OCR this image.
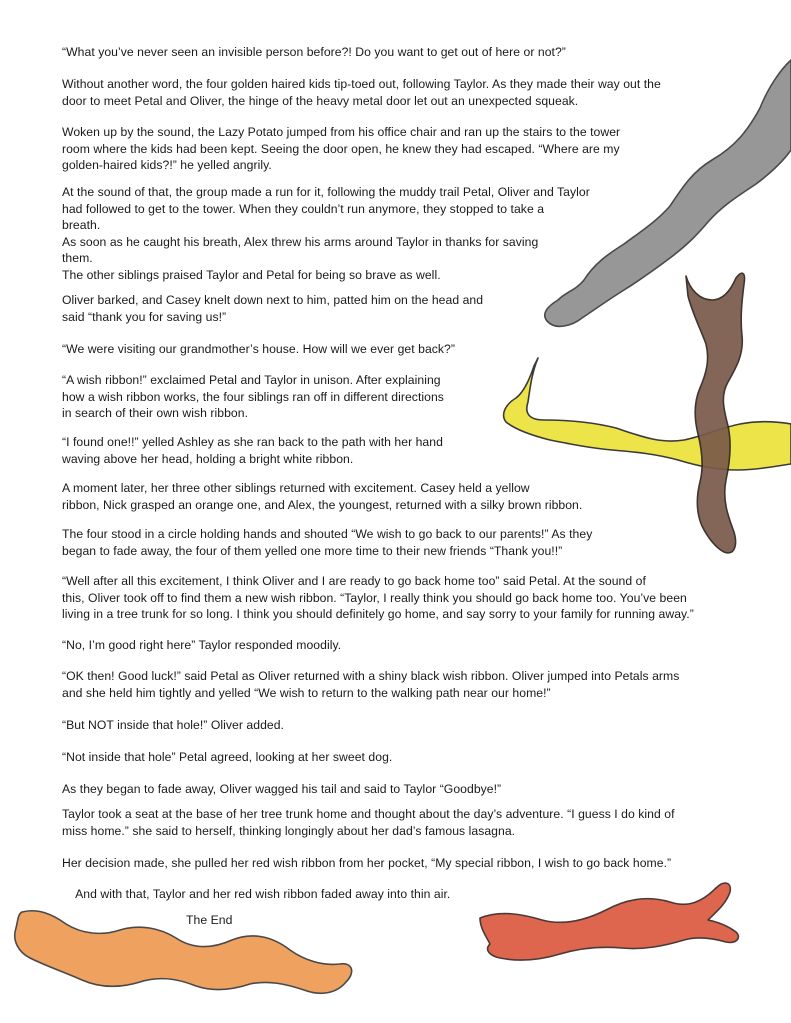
“What you’ve never seen an invisible person before?! Do you want to get out of here or not?”
Without another word, the four golden haired kids tip-toed out, following Taylor. As they made their way out the
door to meet Petal and Oliver, the hinge of the heavy metal door let out an unexpected squeak.
Woken up by the sound, the Lazy Potato jumped from his office chair and ran up the stairs to the tower
room where the kids had been kept. Seeing the door open, he knew they had escaped. “Where are my
golden-haired kids?!” he yelled angrily.
At the sound of that, the group made a run for it, following the muddy trail Petal, Oliver and Taylor
had followed to get to the tower. When they couldn’t run anymore, they stopped to take a
breath.
As soon as he caught his breath, Alex threw his arms around Taylor in thanks for saving
them.
The other siblings praised Taylor and Petal for being so brave as well.
Oliver barked, and Casey knelt down next to him, patted him on the head and
said “thank you for saving us!”
“We were visiting our grandmother’s house. How will we ever get back?”
“A wish ribbon!” exclaimed Petal and Taylor in unison. After explaining
how a wish ribbon works, the four siblings ran off in different directions
in search of their own wish ribbon.
“I found one!!” yelled Ashley as she ran back to the path with her hand
waving above her head, holding a bright white ribbon.
A moment later, her three other siblings returned with excitement. Casey held a yellow
ribbon, Nick grasped an orange one, and Alex, the youngest, returned with a silky brown ribbon.
The four stood in a circle holding hands and shouted “We wish to go back to our parents!” As they
began to fade away, the four of them yelled one more time to their new friends “Thank you!!”
“Well after all this excitement, I think Oliver and I are ready to go back home too” said Petal. At the sound of
this, Oliver took off to find them a new wish ribbon. “Taylor, I really think you should go back home too. You’ve been
living in a tree trunk for so long. I think you should definitely go home, and say sorry to your family for running away.”
“No, I’m good right here” Taylor responded moodily.
“OK then! Good luck!” said Petal as Oliver returned with a shiny black wish ribbon. Oliver jumped into Petals arms
and she held him tightly and yelled “We wish to return to the walking path near our home!”
“But NOT inside that hole!” Oliver added.
“Not inside that hole” Petal agreed, looking at her sweet dog.
As they began to fade away, Oliver wagged his tail and said to Taylor “Goodbye!”
Taylor took a seat at the base of her tree trunk home and thought about the day’s adventure. “I guess I do kind of
miss home.” she said to herself, thinking longingly about her dad’s famous lasagna.
Her decision made, she pulled her red wish ribbon from her pocket, “My special ribbon, I wish to go back home.”
And with that, Taylor and her red wish ribbon faded away into thin air.
The End
